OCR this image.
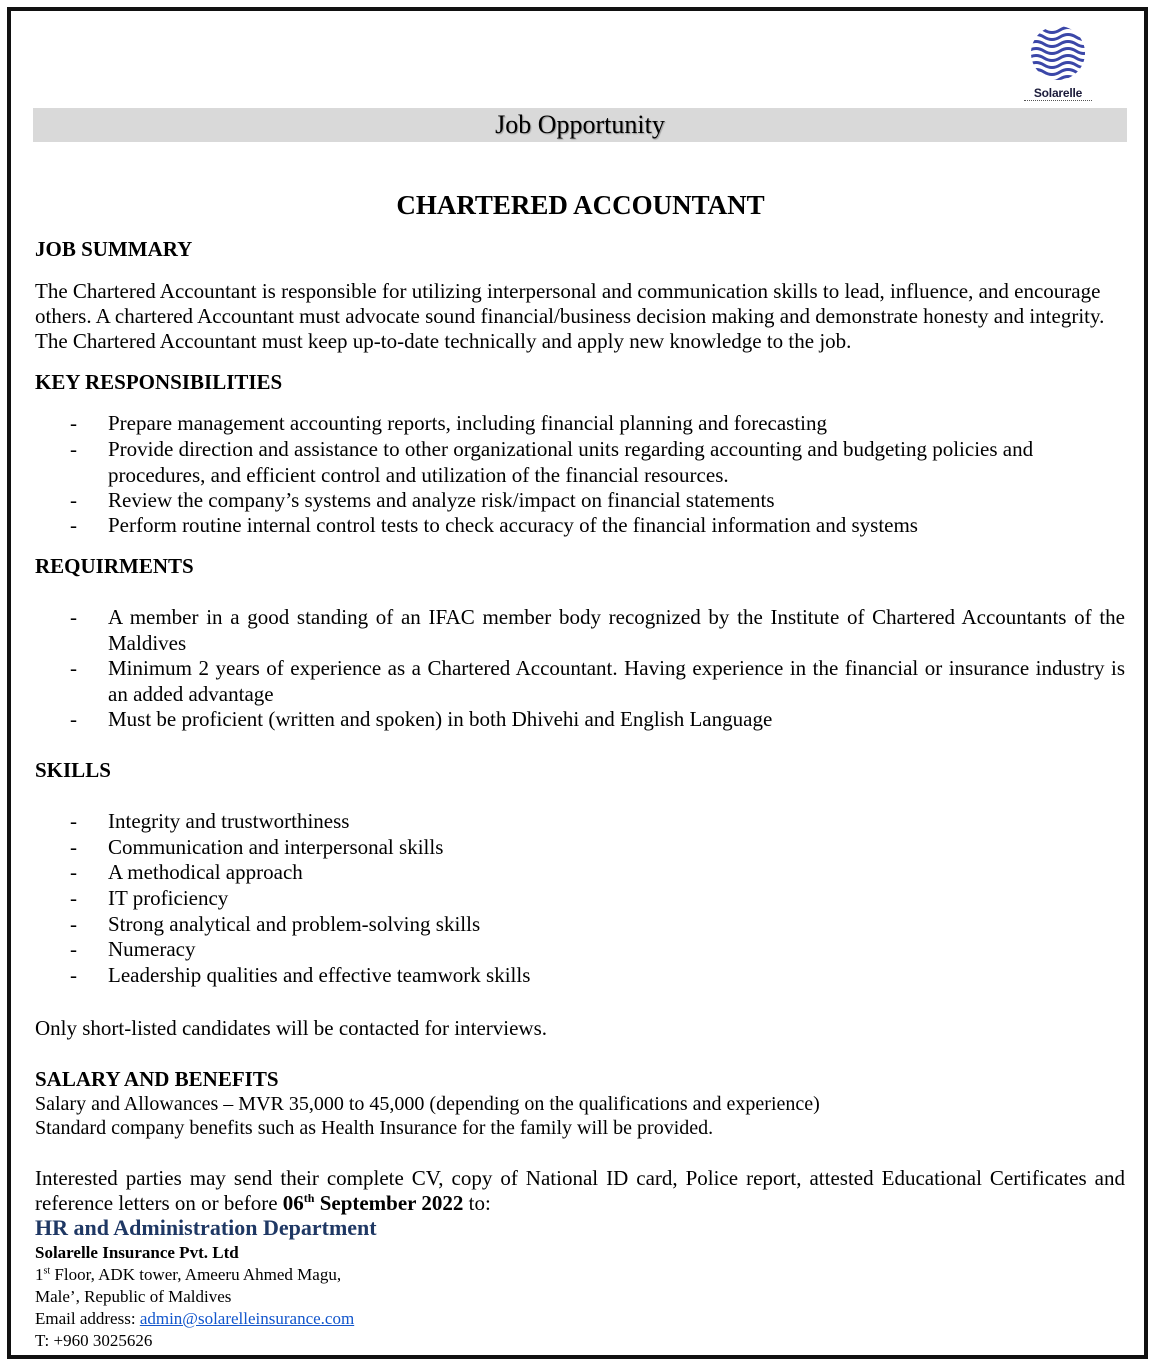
Solarelle
Job Opportunity
CHARTERED ACCOUNTANT
JOB SUMMARY
The Chartered Accountant is responsible for utilizing interpersonal and communication skills to lead, influence, and encourage others. A chartered Accountant must advocate sound financial/business decision making and demonstrate honesty and integrity. The Chartered Accountant must keep up-to-date technically and apply new knowledge to the job.
KEY RESPONSIBILITIES
- Prepare management accounting reports, including financial planning and forecasting
- Provide direction and assistance to other organizational units regarding accounting and budgeting policies and procedures, and efficient control and utilization of the financial resources.
- Review the company’s systems and analyze risk/impact on financial statements
- Perform routine internal control tests to check accuracy of the financial information and systems
REQUIRMENTS
- A member in a good standing of an IFAC member body recognized by the Institute of Chartered Accountants of the Maldives
- Minimum 2 years of experience as a Chartered Accountant. Having experience in the financial or insurance industry is an added advantage
- Must be proficient (written and spoken) in both Dhivehi and English Language
SKILLS
- Integrity and trustworthiness
- Communication and interpersonal skills
- A methodical approach
- IT proficiency
- Strong analytical and problem-solving skills
- Numeracy
- Leadership qualities and effective teamwork skills
Only short-listed candidates will be contacted for interviews.
SALARY AND BENEFITS
Salary and Allowances – MVR 35,000 to 45,000 (depending on the qualifications and experience)
Standard company benefits such as Health Insurance for the family will be provided.
Interested parties may send their complete CV, copy of National ID card, Police report, attested Educational Certificates and reference letters on or before 06th September 2022 to:
HR and Administration Department
Solarelle Insurance Pvt. Ltd
1st Floor, ADK tower, Ameeru Ahmed Magu,
Male’, Republic of Maldives
Email address: admin@solarelleinsurance.com
T: +960 3025626
